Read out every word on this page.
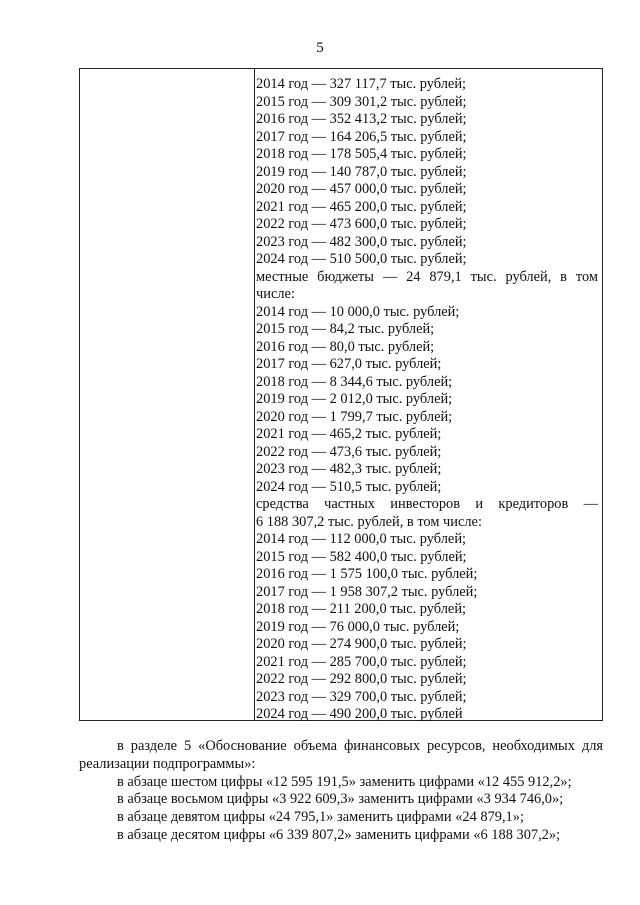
5
2014 год — 327 117,7 тыс. рублей;
2015 год — 309 301,2 тыс. рублей;
2016 год — 352 413,2 тыс. рублей;
2017 год — 164 206,5 тыс. рублей;
2018 год — 178 505,4 тыс. рублей;
2019 год — 140 787,0 тыс. рублей;
2020 год — 457 000,0 тыс. рублей;
2021 год — 465 200,0 тыс. рублей;
2022 год — 473 600,0 тыс. рублей;
2023 год — 482 300,0 тыс. рублей;
2024 год — 510 500,0 тыс. рублей;
местные бюджеты — 24 879,1 тыс. рублей, в том
числе:
2014 год — 10 000,0 тыс. рублей;
2015 год — 84,2 тыс. рублей;
2016 год — 80,0 тыс. рублей;
2017 год — 627,0 тыс. рублей;
2018 год — 8 344,6 тыс. рублей;
2019 год — 2 012,0 тыс. рублей;
2020 год — 1 799,7 тыс. рублей;
2021 год — 465,2 тыс. рублей;
2022 год — 473,6 тыс. рублей;
2023 год — 482,3 тыс. рублей;
2024 год — 510,5 тыс. рублей;
средства частных инвесторов и кредиторов —
6 188 307,2 тыс. рублей, в том числе:
2014 год — 112 000,0 тыс. рублей;
2015 год — 582 400,0 тыс. рублей;
2016 год — 1 575 100,0 тыс. рублей;
2017 год — 1 958 307,2 тыс. рублей;
2018 год — 211 200,0 тыс. рублей;
2019 год — 76 000,0 тыс. рублей;
2020 год — 274 900,0 тыс. рублей;
2021 год — 285 700,0 тыс. рублей;
2022 год — 292 800,0 тыс. рублей;
2023 год — 329 700,0 тыс. рублей;
2024 год — 490 200,0 тыс. рублей
в разделе 5 «Обоснование объема финансовых ресурсов, необходимых для реализации подпрограммы»:
в абзаце шестом цифры «12 595 191,5» заменить цифрами «12 455 912,2»;
в абзаце восьмом цифры «3 922 609,3» заменить цифрами «3 934 746,0»;
в абзаце девятом цифры «24 795,1» заменить цифрами «24 879,1»;
в абзаце десятом цифры «6 339 807,2» заменить цифрами «6 188 307,2»;
